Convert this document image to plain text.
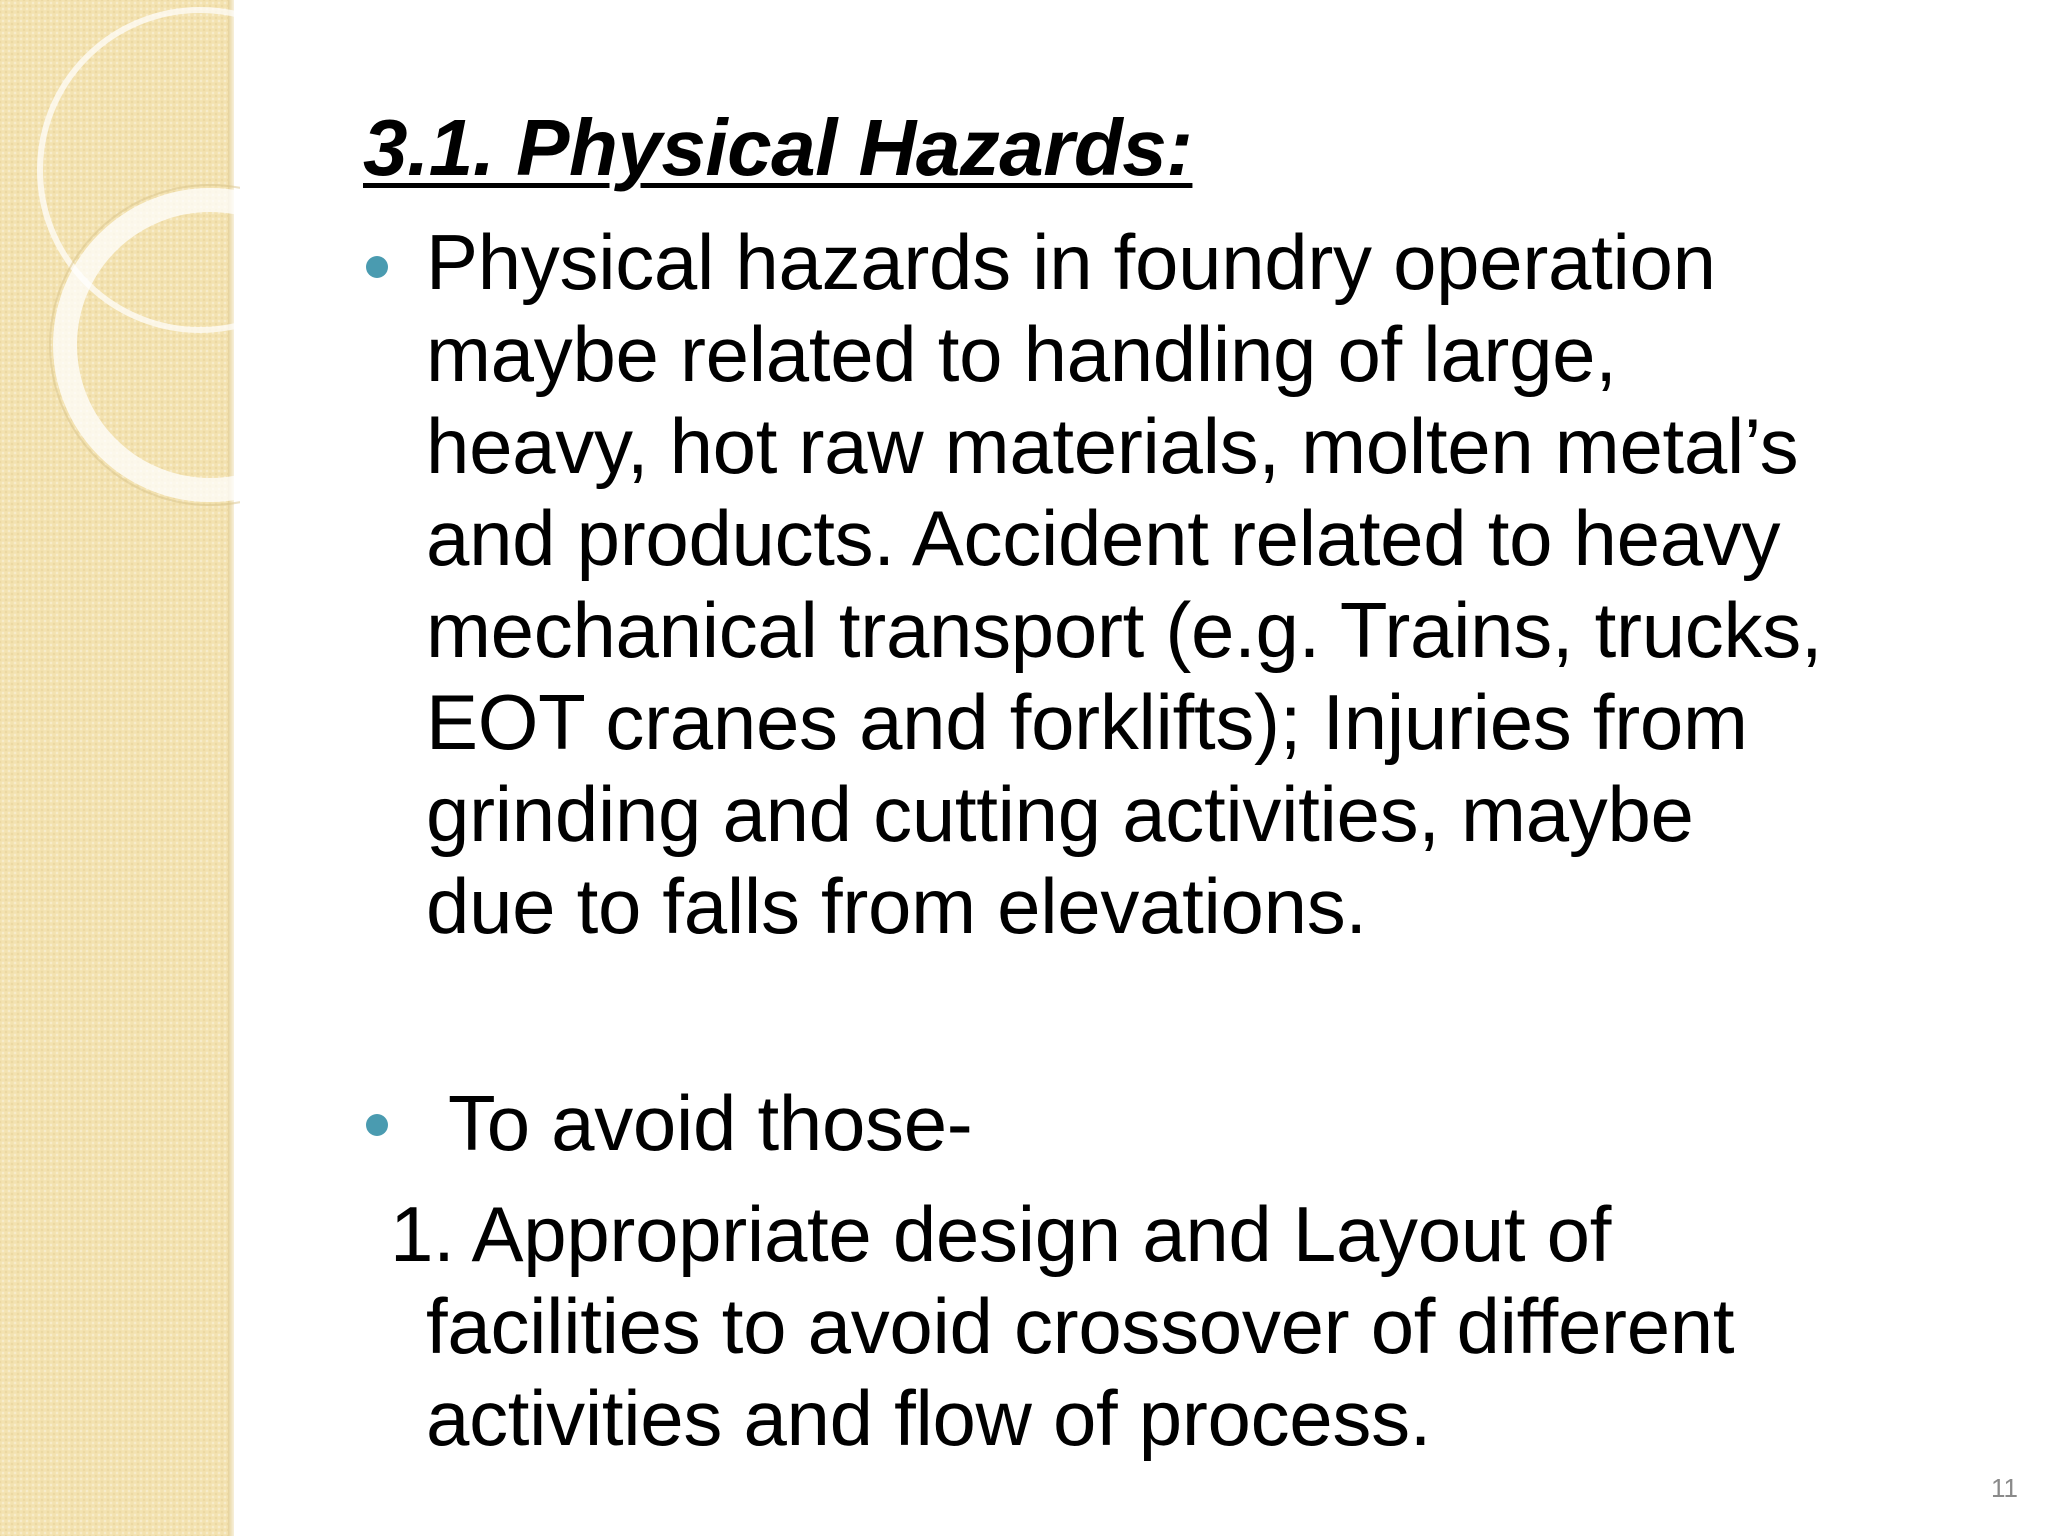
3.1. Physical Hazards:
Physical hazards in foundry operation
maybe related to handling of large,
heavy, hot raw materials, molten metal’s
and products. Accident related to heavy
mechanical transport (e.g. Trains, trucks,
EOT cranes and forklifts); Injuries from
grinding and cutting activities, maybe
due to falls from elevations.
To avoid those-
1. Appropriate design and Layout of
facilities to avoid crossover of different
activities and flow of process.
11
